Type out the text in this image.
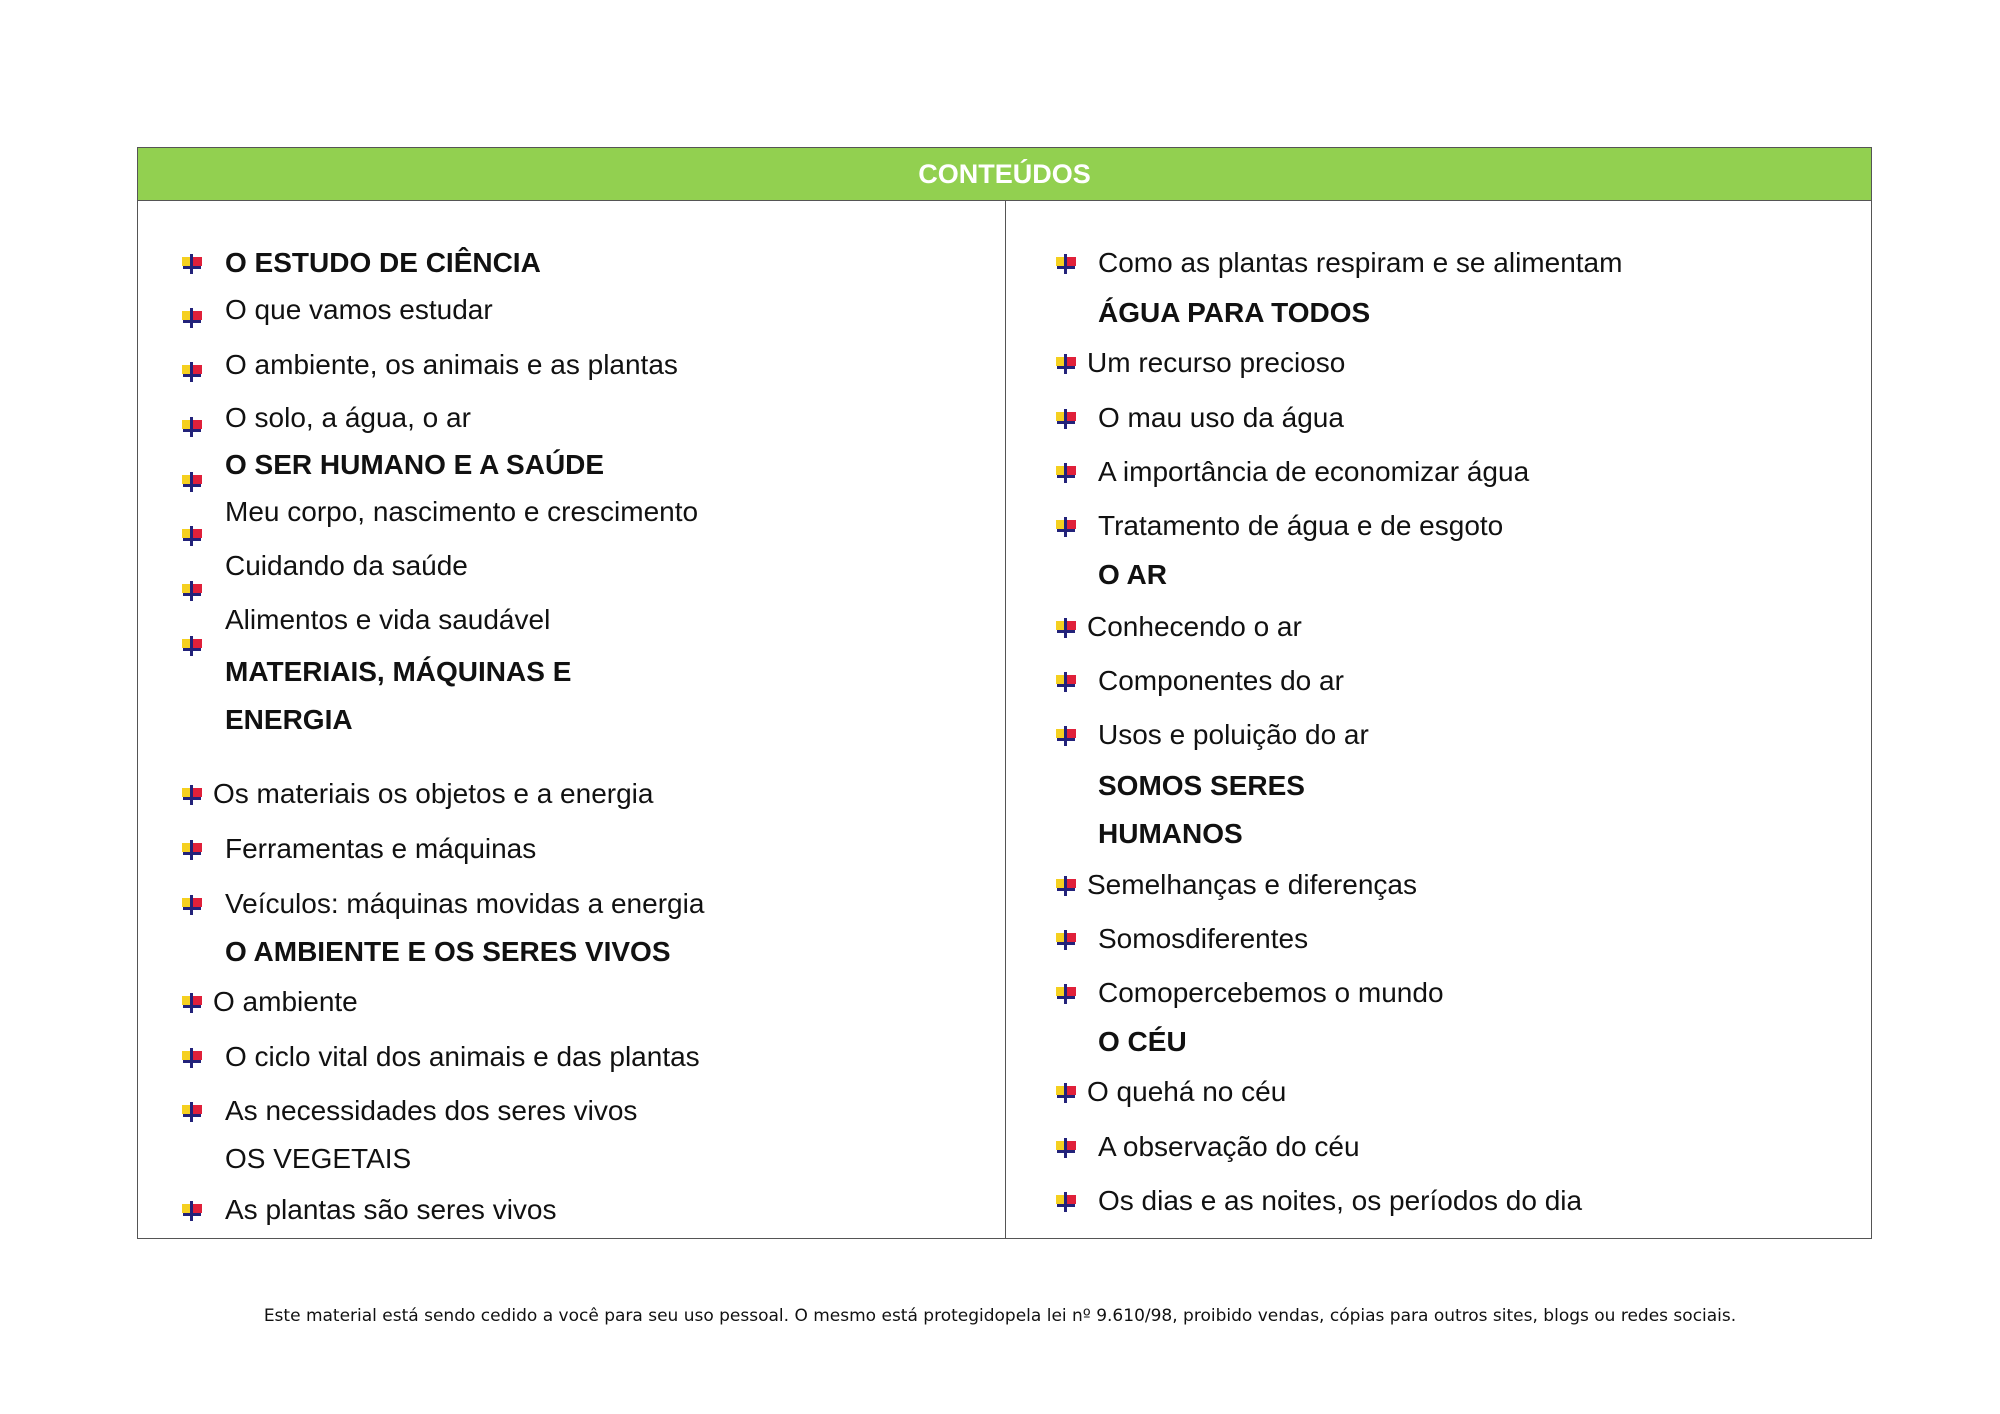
CONTEÚDOS
O ESTUDO DE CIÊNCIA
O que vamos estudar
O ambiente, os animais e as plantas
O solo, a água, o ar
O SER HUMANO E A SAÚDE
Meu corpo, nascimento e crescimento
Cuidando da saúde
Alimentos e vida saudável
MATERIAIS, MÁQUINAS E
ENERGIA
Os materiais os objetos e a energia
Ferramentas e máquinas
Veículos: máquinas movidas a energia
O AMBIENTE E OS SERES VIVOS
O ambiente
O ciclo vital dos animais e das plantas
As necessidades dos seres vivos
OS VEGETAIS
As plantas são seres vivos
Como as plantas respiram e se alimentam
ÁGUA PARA TODOS
Um recurso precioso
O mau uso da água
A importância de economizar água
Tratamento de água e de esgoto
O AR
Conhecendo o ar
Componentes do ar
Usos e poluição do ar
SOMOS SERES
HUMANOS
Semelhanças e diferenças
Somosdiferentes
Comopercebemos o mundo
O CÉU
O quehá no céu
A observação do céu
Os dias e as noites, os períodos do dia
Este material está sendo cedido a você para seu uso pessoal. O mesmo está protegidopela lei nº 9.610/98, proibido vendas, cópias para outros sites, blogs ou redes sociais.
